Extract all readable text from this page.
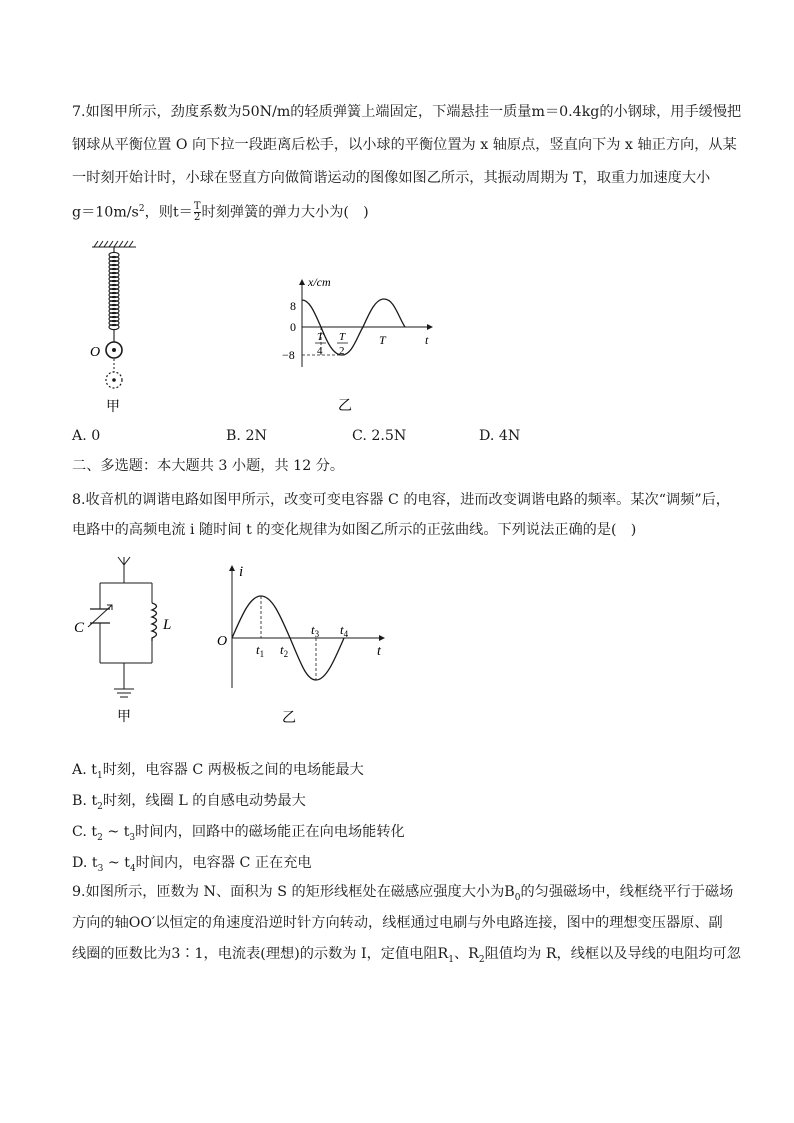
7.如图甲所示，劲度系数为50N/m的轻质弹簧上端固定，下端悬挂一质量m＝0.4kg的小钢球，用手缓慢把
钢球从平衡位置 O 向下拉一段距离后松手，以小球的平衡位置为 x 轴原点，竖直向下为 x 轴正方向，从某
一时刻开始计时，小球在竖直方向做简谐运动的图像如图乙所示，其振动周期为 T，取重力加速度大小
$g=10m/s^2$，则$t= \frac{T}{2}$ 时刻弹簧的弹力大小为(　)
O
甲
x/cm
8
0
−8
T
4
T
2
T	t
乙
A. 0	B. 2N	C. 2.5N	D. 4N
二、多选题：本大题共 3 小题，共 12 分。
8.收音机的调谐电路如图甲所示，改变可变电容器 C 的电容，进而改变调谐电路的频率。某次“调频”后，
电路中的高频电流 i 随时间 t 的变化规律为如图乙所示的正弦曲线。下列说法正确的是(　)
C	L
甲
i
O
t
$t_1$ $t_2$
$t_3$ $t_4$
乙
A. $t_1$时刻，电容器 C 两极板之间的电场能最大
B. $t_2$时刻，线圈 L 的自感电动势最大
C. $t_2$ ~ $t_3$时间内，回路中的磁场能正在向电场能转化
D. $t_3$ ~ $t_4$时间内，电容器 C 正在充电
9.如图所示，匝数为 N、面积为 S 的矩形线框处在磁感应强度大小为$B_0$的匀强磁场中，线框绕平行于磁场
方向的轴OO′以恒定的角速度沿逆时针方向转动，线框通过电刷与外电路连接，图中的理想变压器原、副
线圈的匝数比为3∶1，电流表(理想)的示数为 I，定值电阻$R_1$、$R_2$阻值均为 R，线框以及导线的电阻均可忽
